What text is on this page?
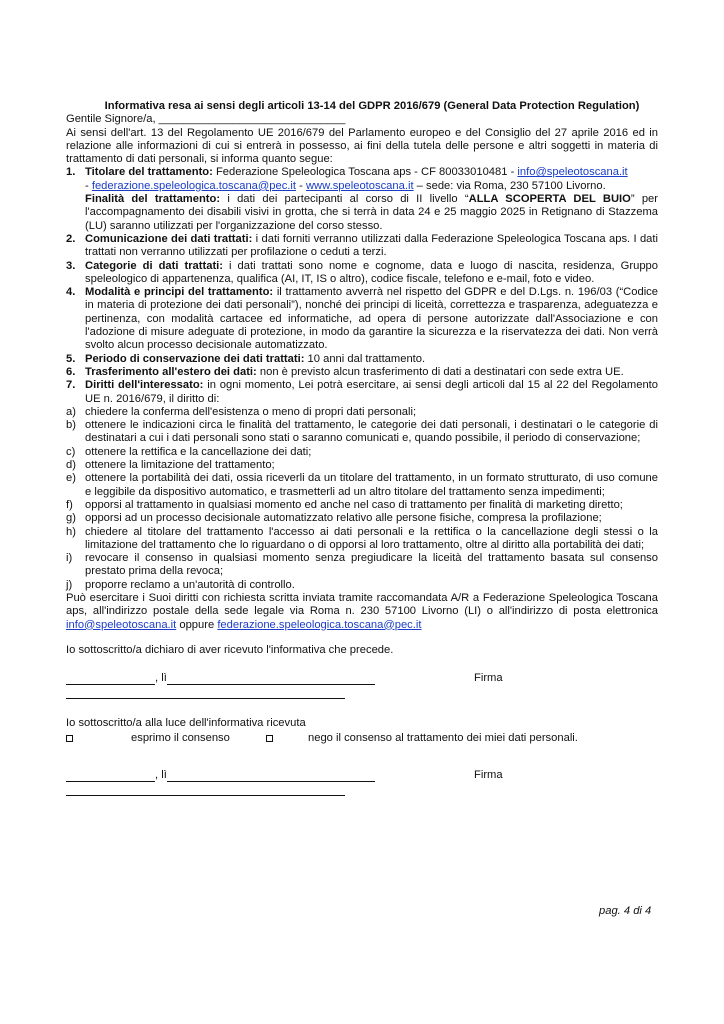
Informativa resa ai sensi degli articoli 13-14 del GDPR 2016/679 (General Data Protection Regulation)
Gentile Signore/a, ______________________________
Ai sensi dell'art. 13 del Regolamento UE 2016/679 del Parlamento europeo e del Consiglio del 27 aprile 2016 ed in relazione alle informazioni di cui si entrerà in possesso, ai fini della tutela delle persone e altri soggetti in materia di trattamento di dati personali, si informa quanto segue:
1. Titolare del trattamento: Federazione Speleologica Toscana aps - CF 80033010481 - info@speleotoscana.it
- federazione.speleologica.toscana@pec.it - www.speleotoscana.it – sede: via Roma, 230 57100 Livorno.
Finalità del trattamento: i dati dei partecipanti al corso di II livello “ALLA SCOPERTA DEL BUIO” per l'accompagnamento dei disabili visivi in grotta, che si terrà in data 24 e 25 maggio 2025 in Retignano di Stazzema (LU) saranno utilizzati per l'organizzazione del corso stesso.
2. Comunicazione dei dati trattati: i dati forniti verranno utilizzati dalla Federazione Speleologica Toscana aps. I dati trattati non verranno utilizzati per profilazione o ceduti a terzi.
3. Categorie di dati trattati: i dati trattati sono nome e cognome, data e luogo di nascita, residenza, Gruppo speleologico di appartenenza, qualifica (AI, IT, IS o altro), codice fiscale, telefono e e-mail, foto e video.
4. Modalità e principi del trattamento: il trattamento avverrà nel rispetto del GDPR e del D.Lgs. n. 196/03 (“Codice in materia di protezione dei dati personali”), nonché dei principi di liceità, correttezza e trasparenza, adeguatezza e pertinenza, con modalità cartacee ed informatiche, ad opera di persone autorizzate dall'Associazione e con l'adozione di misure adeguate di protezione, in modo da garantire la sicurezza e la riservatezza dei dati. Non verrà svolto alcun processo decisionale automatizzato.
5. Periodo di conservazione dei dati trattati: 10 anni dal trattamento.
6. Trasferimento all'estero dei dati: non è previsto alcun trasferimento di dati a destinatari con sede extra UE.
7. Diritti dell'interessato: in ogni momento, Lei potrà esercitare, ai sensi degli articoli dal 15 al 22 del Regolamento UE n. 2016/679, il diritto di:
a) chiedere la conferma dell'esistenza o meno di propri dati personali;
b) ottenere le indicazioni circa le finalità del trattamento, le categorie dei dati personali, i destinatari o le categorie di destinatari a cui i dati personali sono stati o saranno comunicati e, quando possibile, il periodo di conservazione;
c) ottenere la rettifica e la cancellazione dei dati;
d) ottenere la limitazione del trattamento;
e) ottenere la portabilità dei dati, ossia riceverli da un titolare del trattamento, in un formato strutturato, di uso comune e leggibile da dispositivo automatico, e trasmetterli ad un altro titolare del trattamento senza impedimenti;
f)	opporsi al trattamento in qualsiasi momento ed anche nel caso di trattamento per finalità di marketing diretto;
g) opporsi ad un processo decisionale automatizzato relativo alle persone fisiche, compresa la profilazione;
h) chiedere al titolare del trattamento l'accesso ai dati personali e la rettifica o la cancellazione degli stessi o la limitazione del trattamento che lo riguardano o di opporsi al loro trattamento, oltre al diritto alla portabilità dei dati;
i)	revocare il consenso in qualsiasi momento senza pregiudicare la liceità del trattamento basata sul consenso prestato prima della revoca;
j)	proporre reclamo a un'autorità di controllo.
Può esercitare i Suoi diritti con richiesta scritta inviata tramite raccomandata A/R a Federazione Speleologica Toscana aps, all'indirizzo postale della sede legale via Roma n. 230 57100 Livorno (LI) o all'indirizzo di posta elettronica info@speleotoscana.it oppure federazione.speleologica.toscana@pec.it
Io sottoscritto/a dichiaro di aver ricevuto l'informativa che precede.
, lì	Firma
Io sottoscritto/a alla luce dell'informativa ricevuta
esprimo il consenso	nego il consenso al trattamento dei miei dati personali.
, lì	Firma
pag. 4 di 4
